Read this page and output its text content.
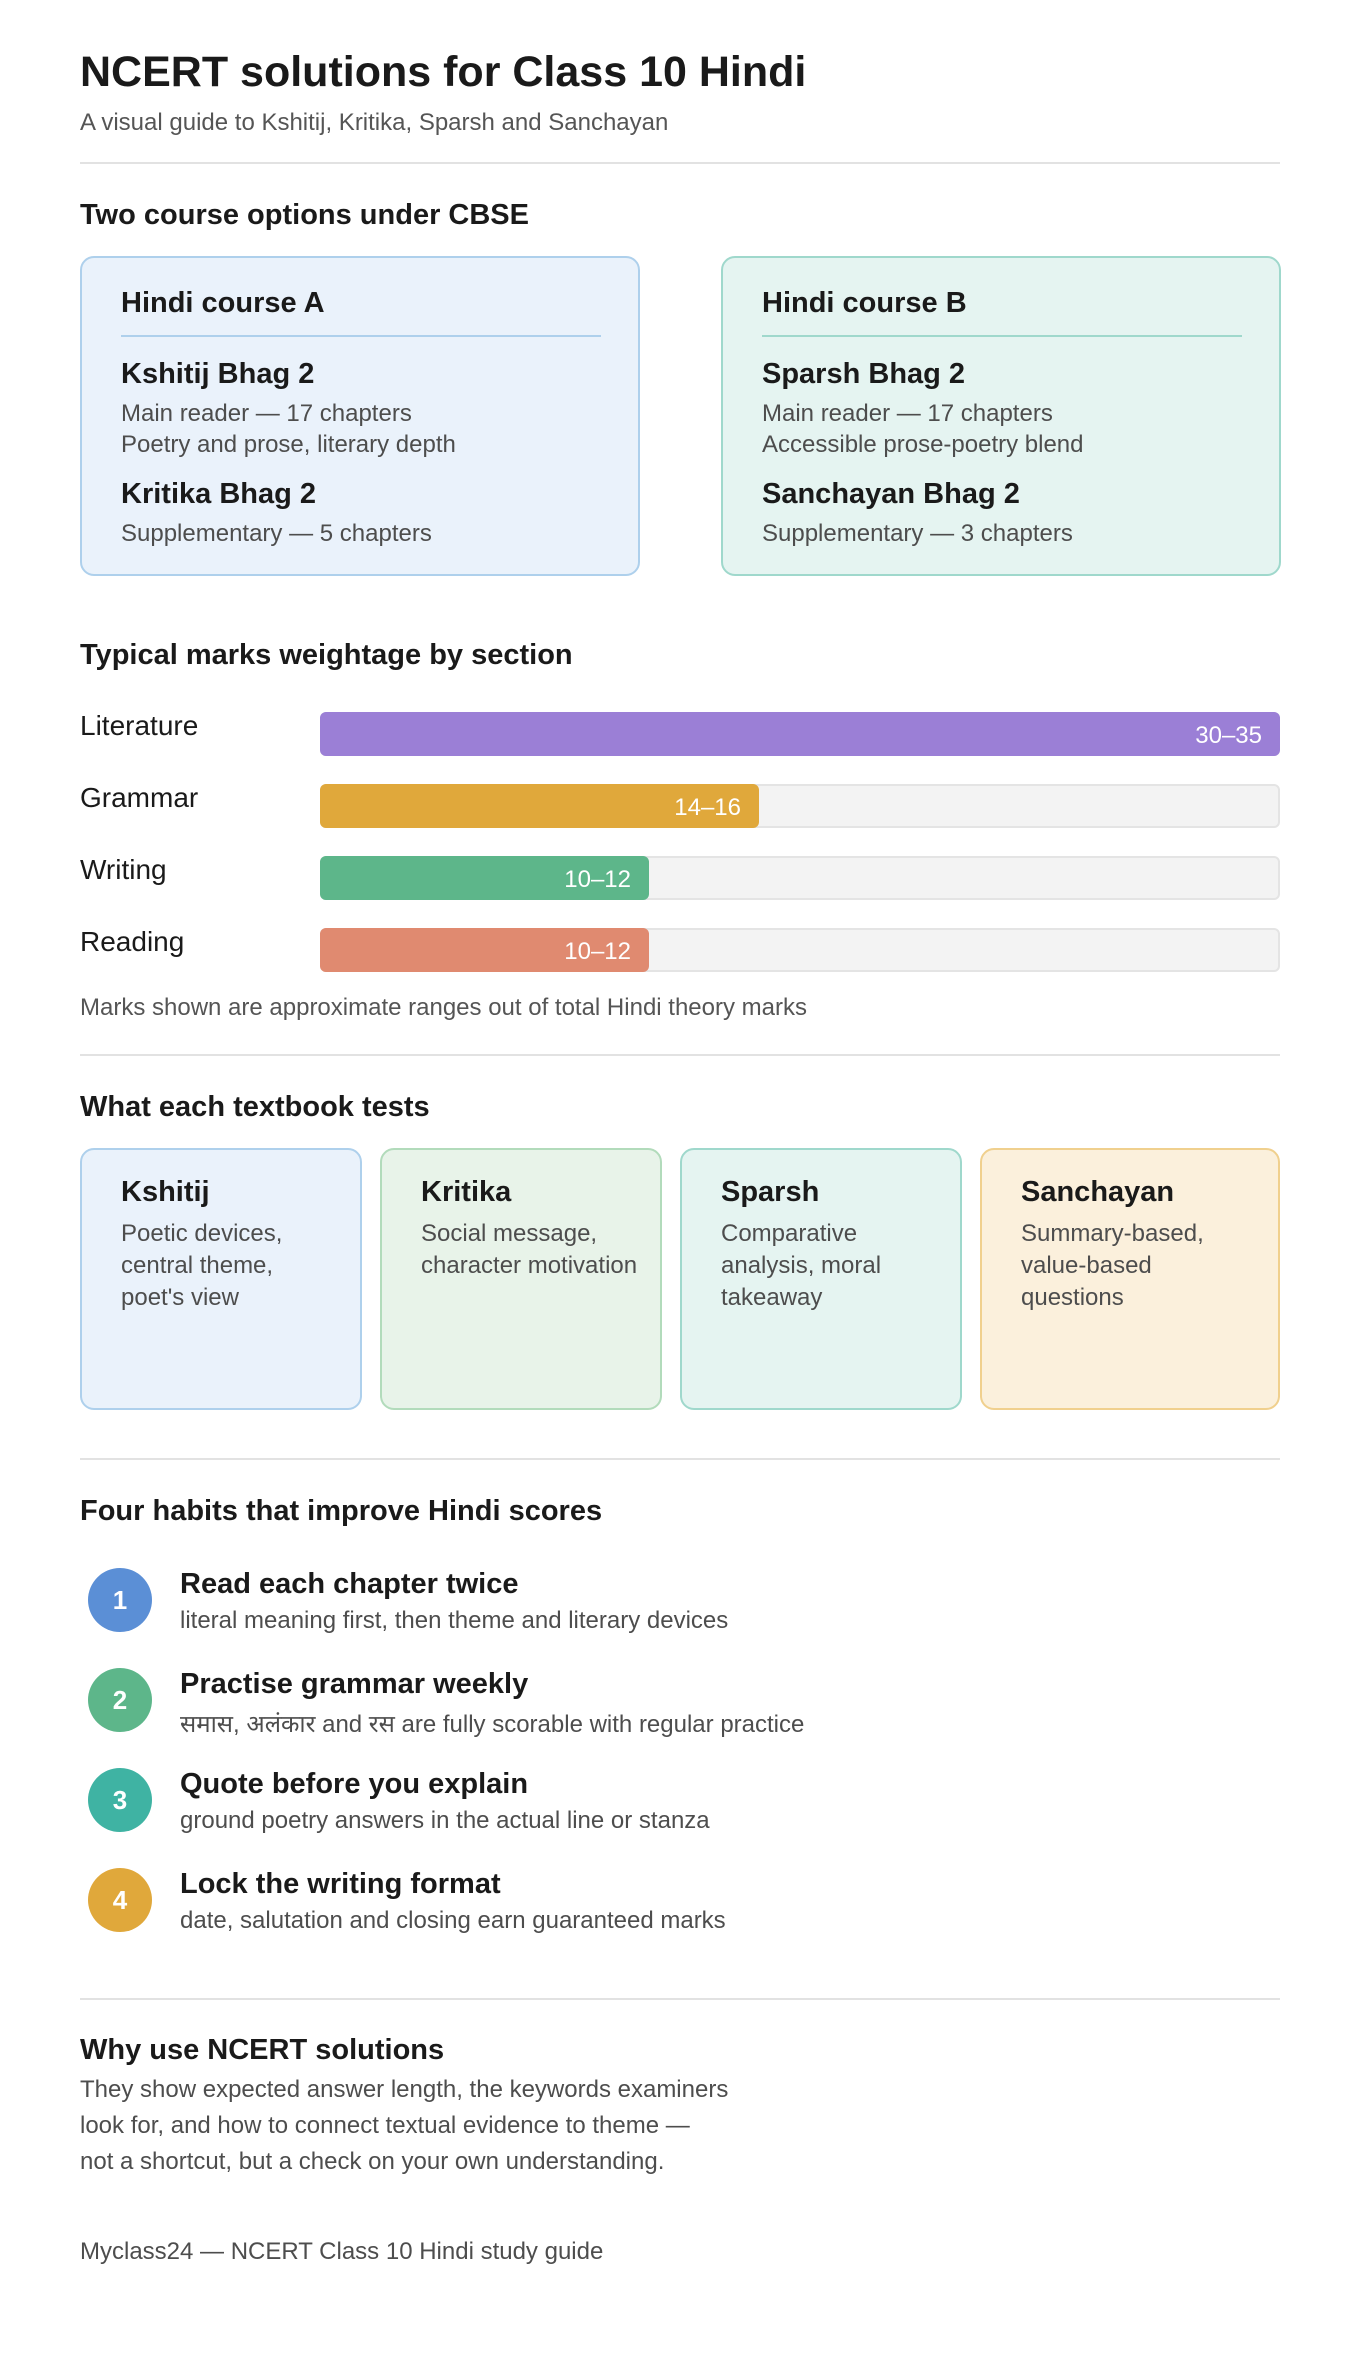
NCERT solutions for Class 10 Hindi
A visual guide to Kshitij, Kritika, Sparsh and Sanchayan
Two course options under CBSE
Hindi course A
Kshitij Bhag 2
Main reader — 17 chapters
Poetry and prose, literary depth
Kritika Bhag 2
Supplementary — 5 chapters
Hindi course B
Sparsh Bhag 2
Main reader — 17 chapters
Accessible prose-poetry blend
Sanchayan Bhag 2
Supplementary — 3 chapters
Typical marks weightage by section
Literature	30–35
Grammar	14–16
Writing	10–12
Reading	10–12
Marks shown are approximate ranges out of total Hindi theory marks
What each textbook tests
Kshitij
Poetic devices, central theme, poet's view
Kritika
Social message, character motivation
Sparsh
Comparative analysis, moral takeaway
Sanchayan
Summary-based, value-based questions
Four habits that improve Hindi scores
1	Read each chapter twice
literal meaning first, then theme and literary devices
2	Practise grammar weekly
समास, अलंकार and रस are fully scorable with regular practice
3	Quote before you explain
ground poetry answers in the actual line or stanza
4	Lock the writing format
date, salutation and closing earn guaranteed marks
Why use NCERT solutions
They show expected answer length, the keywords examiners
look for, and how to connect textual evidence to theme —
not a shortcut, but a check on your own understanding.
Myclass24 — NCERT Class 10 Hindi study guide
